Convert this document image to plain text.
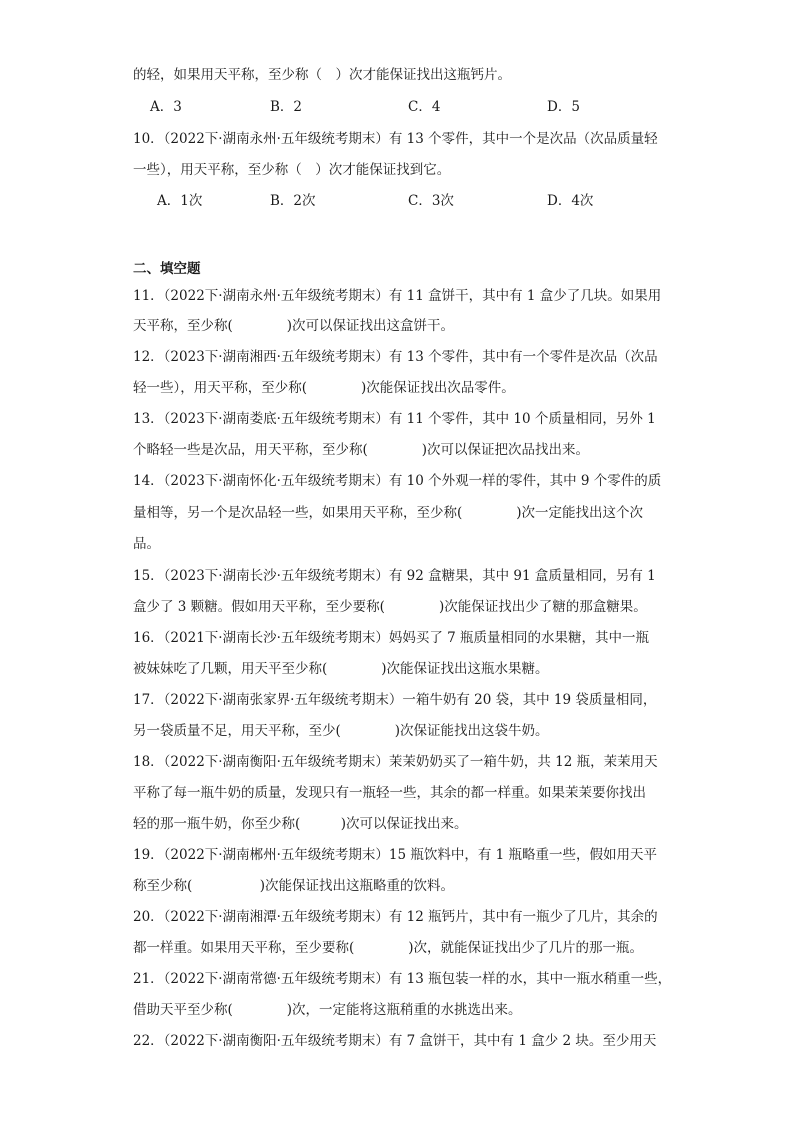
的轻，如果用天平称，至少称（　）次才能保证找出这瓶钙片。
A．3	B．2	C．4	D．5
10．（2022下·湖南永州·五年级统考期末）有 13 个零件，其中一个是次品（次品质量轻
一些），用天平称，至少称（　）次才能保证找到它。
A．1次	B．2次	C．3次	D．4次
二、填空题
11．（2022下·湖南永州·五年级统考期末）有 11 盒饼干，其中有 1 盒少了几块。如果用
天平称，至少称(　　　　)次可以保证找出这盒饼干。
12．（2023下·湖南湘西·五年级统考期末）有 13 个零件，其中有一个零件是次品（次品
轻一些），用天平称，至少称(　　　　)次能保证找出次品零件。
13．（2023下·湖南娄底·五年级统考期末）有 11 个零件，其中 10 个质量相同，另外 1
个略轻一些是次品，用天平称，至少称(　　　　)次可以保证把次品找出来。
14．（2023下·湖南怀化·五年级统考期末）有 10 个外观一样的零件，其中 9 个零件的质
量相等，另一个是次品轻一些，如果用天平称，至少称(　　　　)次一定能找出这个次
品。
15．（2023下·湖南长沙·五年级统考期末）有 92 盒糖果，其中 91 盒质量相同，另有 1
盒少了 3 颗糖。假如用天平称，至少要称(　　　　)次能保证找出少了糖的那盒糖果。
16．（2021下·湖南长沙·五年级统考期末）妈妈买了 7 瓶质量相同的水果糖，其中一瓶
被妹妹吃了几颗，用天平至少称(　　　　)次能保证找出这瓶水果糖。
17．（2022下·湖南张家界·五年级统考期末）一箱牛奶有 20 袋，其中 19 袋质量相同，
另一袋质量不足，用天平称，至少(　　　　)次保证能找出这袋牛奶。
18．（2022下·湖南衡阳·五年级统考期末）茉茉奶奶买了一箱牛奶，共 12 瓶，茉茉用天
平称了每一瓶牛奶的质量，发现只有一瓶轻一些，其余的都一样重。如果茉茉要你找出
轻的那一瓶牛奶，你至少称(　　　)次可以保证找出来。
19．（2022下·湖南郴州·五年级统考期末）15 瓶饮料中，有 1 瓶略重一些，假如用天平
称至少称(　　　　　)次能保证找出这瓶略重的饮料。
20．（2022下·湖南湘潭·五年级统考期末）有 12 瓶钙片，其中有一瓶少了几片，其余的
都一样重。如果用天平称，至少要称(　　　　)次，就能保证找出少了几片的那一瓶。
21．（2022下·湖南常德·五年级统考期末）有 13 瓶包装一样的水，其中一瓶水稍重一些，
借助天平至少称(　　　　)次，一定能将这瓶稍重的水挑选出来。
22．（2022下·湖南衡阳·五年级统考期末）有 7 盒饼干，其中有 1 盒少 2 块。至少用天
